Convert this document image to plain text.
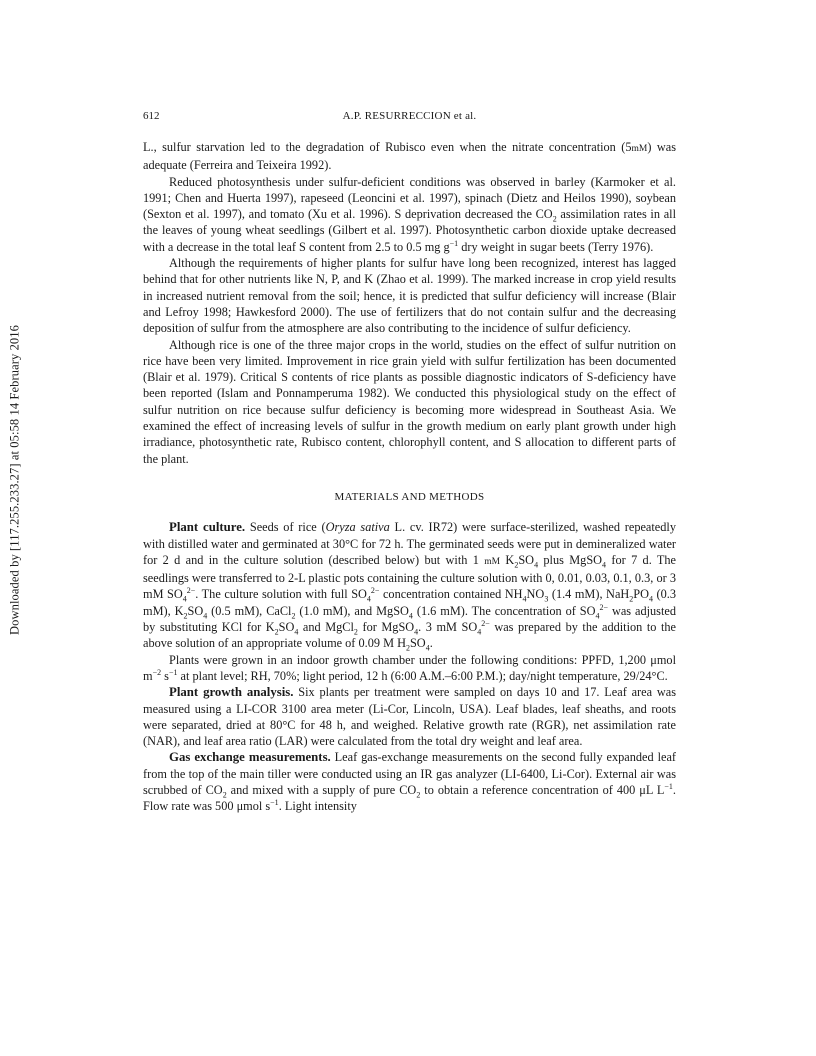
Downloaded by [117.255.233.27] at 05:58 14 February 2016
612	A.P. RESURRECCION et al.

L., sulfur starvation led to the degradation of Rubisco even when the nitrate concentration (5mM) was adequate (Ferreira and Teixeira 1992).

Reduced photosynthesis under sulfur-deficient conditions was observed in barley (Karmoker et al. 1991; Chen and Huerta 1997), rapeseed (Leoncini et al. 1997), spinach (Dietz and Heilos 1990), soybean (Sexton et al. 1997), and tomato (Xu et al. 1996). S deprivation decreased the $CO_2$ assimilation rates in all the leaves of young wheat seedlings (Gilbert et al. 1997). Photosynthetic carbon dioxide uptake decreased with a decrease in the total leaf S content from 2.5 to 0.5 mg $g^{-1}$ dry weight in sugar beets (Terry 1976).

Although the requirements of higher plants for sulfur have long been recognized, interest has lagged behind that for other nutrients like N, P, and K (Zhao et al. 1999). The marked increase in crop yield results in increased nutrient removal from the soil; hence, it is predicted that sulfur deficiency will increase (Blair and Lefroy 1998; Hawkesford 2000). The use of fertilizers that do not contain sulfur and the decreasing deposition of sulfur from the atmosphere are also contributing to the incidence of sulfur deficiency.

Although rice is one of the three major crops in the world, studies on the effect of sulfur nutrition on rice have been very limited. Improvement in rice grain yield with sulfur fertilization has been documented (Blair et al. 1979). Critical S contents of rice plants as possible diagnostic indicators of S-deficiency have been reported (Islam and Ponnamperuma 1982). We conducted this physiological study on the effect of sulfur nutrition on rice because sulfur deficiency is becoming more widespread in Southeast Asia. We examined the effect of increasing levels of sulfur in the growth medium on early plant growth under high irradiance, photosynthetic rate, Rubisco content, chlorophyll content, and S allocation to different parts of the plant.

MATERIALS AND METHODS

Plant culture. Seeds of rice (Oryza sativa L. cv. IR72) were surface-sterilized, washed repeatedly with distilled water and germinated at 30°C for 72 h. The germinated seeds were put in demineralized water for 2 d and in the culture solution (described below) but with 1 mM $K_2SO_4$ plus MgSO$_4$ for 7 d. The seedlings were transferred to 2-L plastic pots containing the culture solution with 0, 0.01, 0.03, 0.1, 0.3, or 3 mM $SO_4^{2-}$. The culture solution with full $SO_4^{2-}$ concentration contained $NH_4NO_3$ (1.4 mM), $NaH_2PO_4$ (0.3 mM), $K_2SO_4$ (0.5 mM), CaCl$_2$ (1.0 mM), and MgSO$_4$ (1.6 mM). The concentration of $SO_4^{2-}$ was adjusted by substituting KCl for $K_2SO_4$ and MgCl$_2$ for MgSO$_4$. 3 mM $SO_4^{2-}$ was prepared by the addition to the above solution of an appropriate volume of 0.09 M $H_2SO_4$.

Plants were grown in an indoor growth chamber under the following conditions: PPFD, 1,200 μmol $m^{-2}$ $s^{-1}$ at plant level; RH, 70%; light period, 12 h (6:00 A.M.–6:00 P.M.); day/night temperature, 29/24°C.

Plant growth analysis. Six plants per treatment were sampled on days 10 and 17. Leaf area was measured using a LI-COR 3100 area meter (Li-Cor, Lincoln, USA). Leaf blades, leaf sheaths, and roots were separated, dried at 80°C for 48 h, and weighed. Relative growth rate (RGR), net assimilation rate (NAR), and leaf area ratio (LAR) were calculated from the total dry weight and leaf area.

Gas exchange measurements. Leaf gas-exchange measurements on the second fully expanded leaf from the top of the main tiller were conducted using an IR gas analyzer (LI-6400, Li-Cor). External air was scrubbed of $CO_2$ and mixed with a supply of pure $CO_2$ to obtain a reference concentration of 400 μL $L^{-1}$. Flow rate was 500 μmol $s^{-1}$. Light intensity
